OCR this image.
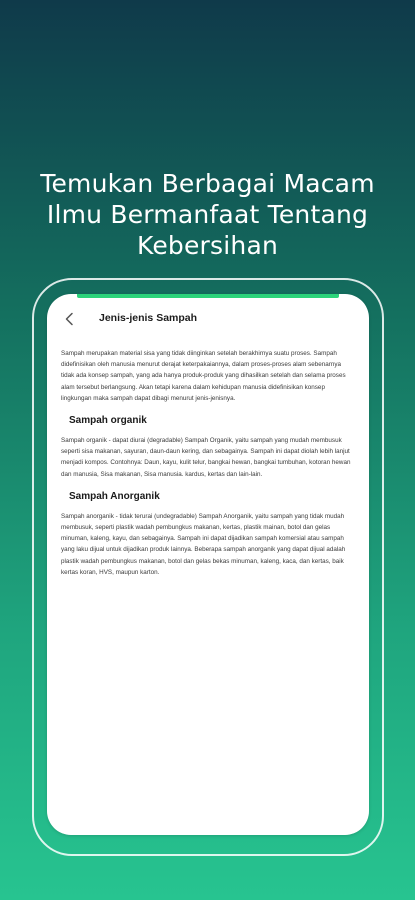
Temukan Berbagai Macam
Ilmu Bermanfaat Tentang
Kebersihan
Jenis-jenis Sampah

Sampah merupakan material sisa yang tidak diinginkan setelah berakhirnya suatu proses. Sampah didefinisikan oleh manusia menurut derajat keterpakaiannya, dalam proses-proses alam sebenarnya tidak ada konsep sampah, yang ada hanya produk-produk yang dihasilkan setelah dan selama proses alam tersebut berlangsung. Akan tetapi karena dalam kehidupan manusia didefinisikan konsep lingkungan maka sampah dapat dibagi menurut jenis-jenisnya.

Sampah organik

Sampah organik - dapat diurai (degradable) Sampah Organik, yaitu sampah yang mudah membusuk seperti sisa makanan, sayuran, daun-daun kering, dan sebagainya. Sampah ini dapat diolah lebih lanjut menjadi kompos. Contohnya: Daun, kayu, kulit telur, bangkai hewan, bangkai tumbuhan, kotoran hewan dan manusia, Sisa makanan, Sisa manusia. kardus, kertas dan lain-lain.

Sampah Anorganik

Sampah anorganik - tidak terurai (undegradable) Sampah Anorganik, yaitu sampah yang tidak mudah membusuk, seperti plastik wadah pembungkus makanan, kertas, plastik mainan, botol dan gelas minuman, kaleng, kayu, dan sebagainya. Sampah ini dapat dijadikan sampah komersial atau sampah yang laku dijual untuk dijadikan produk lainnya. Beberapa sampah anorganik yang dapat dijual adalah plastik wadah pembungkus makanan, botol dan gelas bekas minuman, kaleng, kaca, dan kertas, baik kertas koran, HVS, maupun karton.
